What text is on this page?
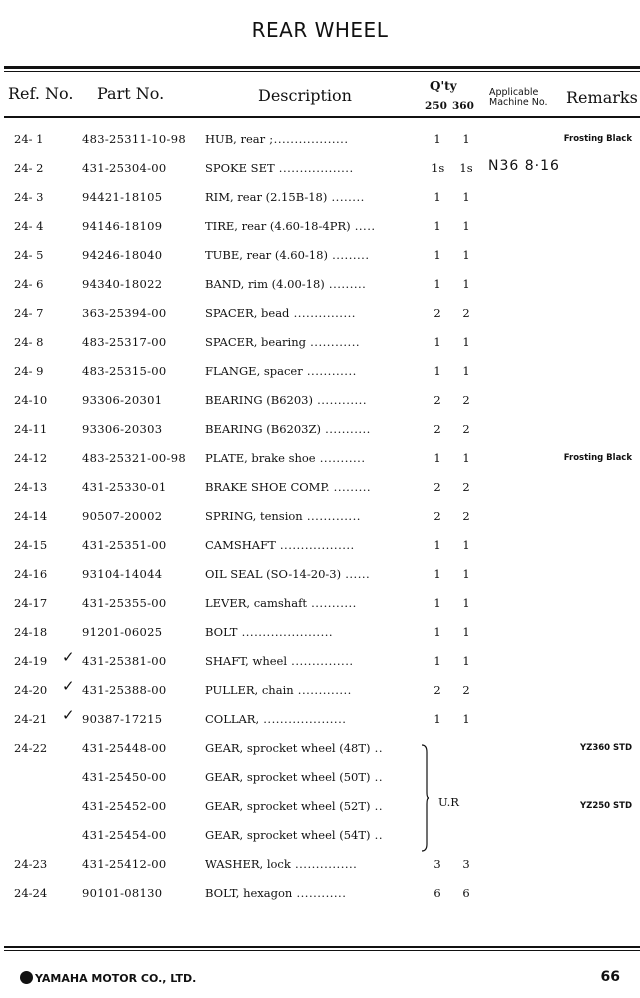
REAR WHEEL
Ref. No. Part No.	Description	Q'ty
250 360
Applicable
Machine No. Remarks
24- 1	483-25311-10-98 HUB, rear ;..................	1 1	Frosting Black
24- 2	431-25304-00	SPOKE SET ..................	1s 1s
24- 3	94421-18105	RIM, rear (2.15B-18) ........	1 1
24- 4	94146-18109	TIRE, rear (4.60-18-4PR) .....	1 1
24- 5	94246-18040	TUBE, rear (4.60-18) .........	1 1
24- 6	94340-18022	BAND, rim (4.00-18) .........	1 1
24- 7	363-25394-00	SPACER, bead ...............	2 2
24- 8	483-25317-00	SPACER, bearing ............	1 1
24- 9	483-25315-00	FLANGE, spacer ............	1 1
24-10	93306-20301	BEARING (B6203) ............	2 2
24-11	93306-20303	BEARING (B6203Z) ...........	2 2
24-12	483-25321-00-98 PLATE, brake shoe ...........	1 1	Frosting Black
24-13	431-25330-01	BRAKE SHOE COMP. .........	2 2
24-14	90507-20002	SPRING, tension .............	2 2
24-15	431-25351-00	CAMSHAFT ..................	1 1
24-16	93104-14044	OIL SEAL (SO-14-20-3) ......	1 1
24-17	431-25355-00	LEVER, camshaft ...........	1 1
24-18	91201-06025	BOLT ......................	1 1
24-19 ✓ 431-25381-00	SHAFT, wheel ...............	1 1
24-20 ✓ 431-25388-00	PULLER, chain .............	2 2
24-21 ✓ 90387-17215	COLLAR, ....................	1 1
24-22	431-25448-00	GEAR, sprocket wheel (48T) ..	YZ360 STD
431-25450-00	GEAR, sprocket wheel (50T) ..
431-25452-00	GEAR, sprocket wheel (52T) ..	YZ250 STD
431-25454-00	GEAR, sprocket wheel (54T) ..
24-23	431-25412-00	WASHER, lock ...............	3 3
24-24	90101-08130	BOLT, hexagon ............	6 6
N36 8·16
U.R
YAMAHA MOTOR CO., LTD.	66
